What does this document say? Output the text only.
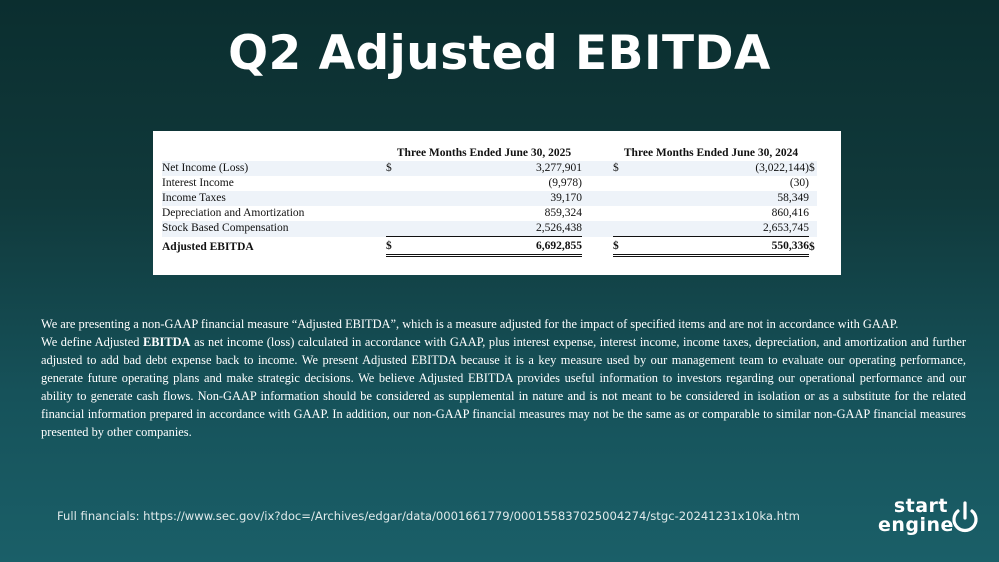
Q2 Adjusted EBITDA
	Three Months Ended June 30, 2025			Three Months Ended June 30, 2024		
Net Income (Loss)	$	3,277,901		$	(3,022,144)	$
Interest Income		(9,978)			(30)	
Income Taxes		39,170			58,349	
Depreciation and Amortization		859,324			860,416	
Stock Based Compensation		2,526,438			2,653,745	
Adjusted EBITDA	$	6,692,855		$	550,336	$

We are presenting a non-GAAP financial measure “Adjusted EBITDA”, which is a measure adjusted for the impact of specified items and are not in accordance with GAAP.

We define Adjusted EBITDA as net income (loss) calculated in accordance with GAAP, plus interest expense, interest income, income taxes, depreciation, and amortization and further adjusted to add bad debt expense back to income. We present Adjusted EBITDA because it is a key measure used by our management team to evaluate our operating performance, generate future operating plans and make strategic decisions. We believe Adjusted EBITDA provides useful information to investors regarding our operational performance and our ability to generate cash flows. Non-GAAP information should be considered as supplemental in nature and is not meant to be considered in isolation or as a substitute for the related financial information prepared in accordance with GAAP. In addition, our non-GAAP financial measures may not be the same as or comparable to similar non-GAAP financial measures presented by other companies.

Full financials: https://www.sec.gov/ix?doc=/Archives/edgar/data/0001661779/000155837025004274/stgc-20241231x10ka.htm	start
engine
